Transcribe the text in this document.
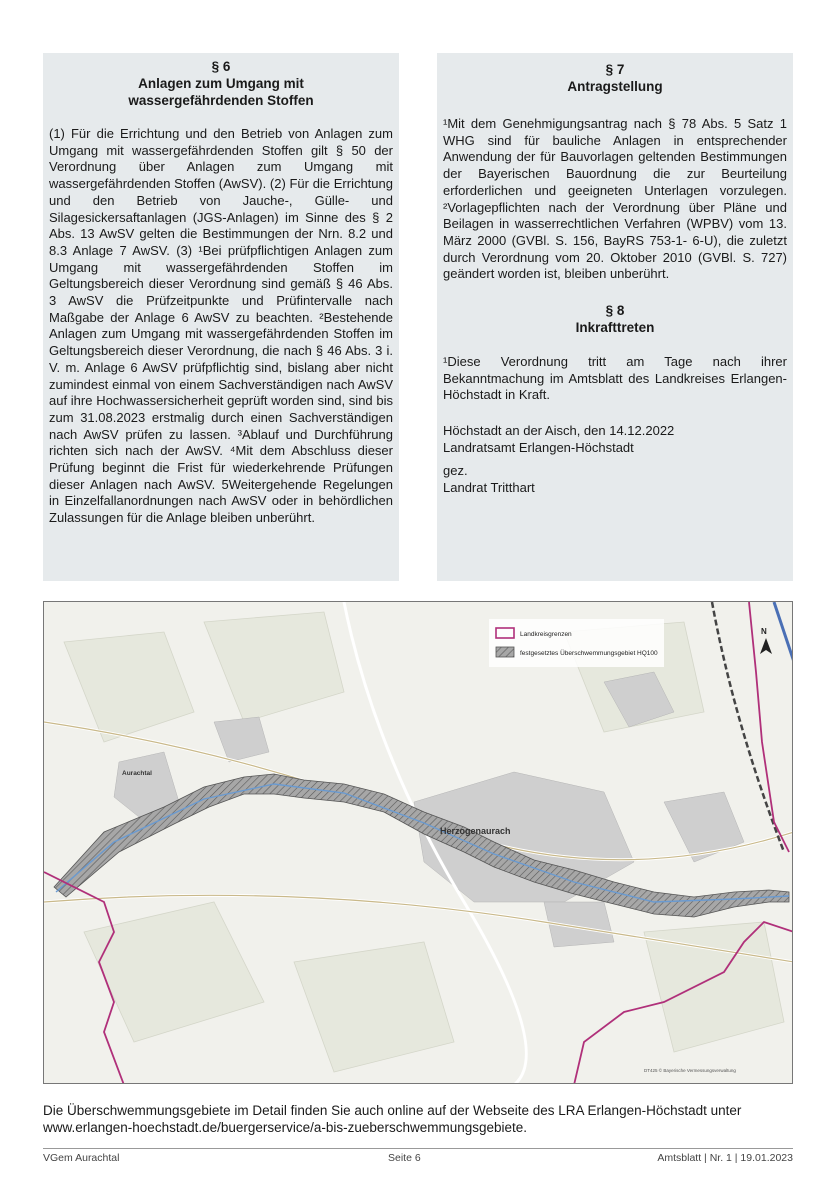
§ 6
Anlagen zum Umgang mit
wassergefährdenden Stoffen

(1) Für die Errichtung und den Betrieb von Anlagen zum Umgang mit wassergefährdenden Stoffen gilt § 50 der Verordnung über Anlagen zum Umgang mit wassergefährdenden Stoffen (AwSV). (2) Für die Errichtung und den Betrieb von Jauche-, Gülle- und Silagesickersaftanlagen (JGS-Anlagen) im Sinne des § 2 Abs. 13 AwSV gelten die Bestimmungen der Nrn. 8.2 und 8.3 Anlage 7 AwSV. (3) ¹Bei prüfpflichtigen Anlagen zum Umgang mit wassergefährdenden Stoffen im Geltungsbereich dieser Verordnung sind gemäß § 46 Abs. 3 AwSV die Prüfzeitpunkte und Prüfintervalle nach Maßgabe der Anlage 6 AwSV zu beachten. ²Bestehende Anlagen zum Umgang mit wassergefährdenden Stoffen im Geltungsbereich dieser Verordnung, die nach § 46 Abs. 3 i. V. m. Anlage 6 AwSV prüfpflichtig sind, bislang aber nicht zumindest einmal von einem Sachverständigen nach AwSV auf ihre Hochwassersicherheit geprüft worden sind, sind bis zum 31.08.2023 erstmalig durch einen Sachverständigen nach AwSV prüfen zu lassen. ³Ablauf und Durchführung richten sich nach der AwSV. ⁴Mit dem Abschluss dieser Prüfung beginnt die Frist für wiederkehrende Prüfungen dieser Anlagen nach AwSV. 5Weitergehende Regelungen in Einzelfallanordnungen nach AwSV oder in behördlichen Zulassungen für die Anlage bleiben unberührt.

§ 7
Antragstellung

¹Mit dem Genehmigungsantrag nach § 78 Abs. 5 Satz 1 WHG sind für bauliche Anlagen in entsprechender Anwendung der für Bauvorlagen geltenden Bestimmungen der Bayerischen Bauordnung die zur Beurteilung erforderlichen und geeigneten Unterlagen vorzulegen. ²Vorlagepflichten nach der Verordnung über Pläne und Beilagen in wasserrechtlichen Verfahren (WPBV) vom 13. März 2000 (GVBl. S. 156, BayRS 753-1- 6-U), die zuletzt durch Verordnung vom 20. Oktober 2010 (GVBl. S. 727) geändert worden ist, bleiben unberührt.

§ 8
Inkrafttreten

¹Diese Verordnung tritt am Tage nach ihrer Bekanntmachung im Amtsblatt des Landkreises Erlangen-Höchstadt in Kraft.

Höchstadt an der Aisch, den 14.12.2022

Landratsamt Erlangen-Höchstadt

gez.

Landrat Tritthart

Landkreisgrenzen
festgesetztes Überschwemmungsgebiet HQ100
N
Herzogenaurach
Aurachtal
DT425 © Bayerische Vermessungsverwaltung
Die Überschwemmungsgebiete im Detail finden Sie auch online auf der Webseite des LRA Erlangen-Höchstadt unter
www.erlangen-hoechstadt.de/buergerservice/a-bis-zueberschwemmungsgebiete.
VGem Aurachtal	Seite 6	Amtsblatt | Nr. 1 | 19.01.2023
